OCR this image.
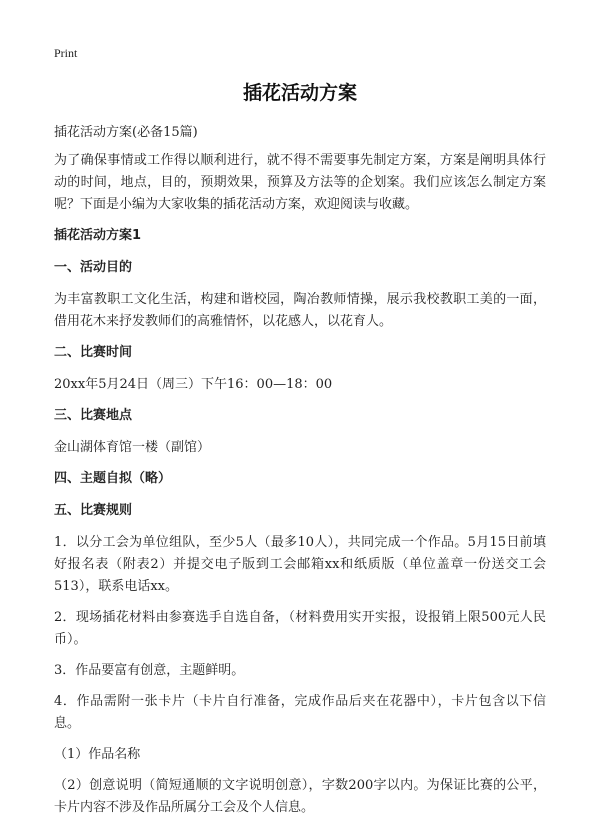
Print
插花活动方案

插花活动方案(必备15篇)

为了确保事情或工作得以顺利进行，就不得不需要事先制定方案，方案是阐明具体行动的时间，地点，目的，预期效果，预算及方法等的企划案。我们应该怎么制定方案呢？下面是小编为大家收集的插花活动方案，欢迎阅读与收藏。

插花活动方案1
一、活动目的

为丰富教职工文化生活，构建和谐校园，陶冶教师情操，展示我校教职工美的一面，借用花木来抒发教师们的高雅情怀，以花感人，以花育人。

二、比赛时间

20xx年5月24日（周三）下午16：00—18：00

三、比赛地点

金山湖体育馆一楼（副馆）

四、主题自拟（略）
五、比赛规则

1．以分工会为单位组队，至少5人（最多10人），共同完成一个作品。5月15日前填好报名表（附表2）并提交电子版到工会邮箱xx和纸质版（单位盖章一份送交工会513），联系电话xx。

2．现场插花材料由参赛选手自选自备，（材料费用实开实报，设报销上限500元人民币）。

3．作品要富有创意，主题鲜明。

4．作品需附一张卡片（卡片自行准备，完成作品后夹在花器中），卡片包含以下信息。

（1）作品名称

（2）创意说明（简短通顺的文字说明创意），字数200字以内。为保证比赛的公平，卡片内容不涉及作品所属分工会及个人信息。
